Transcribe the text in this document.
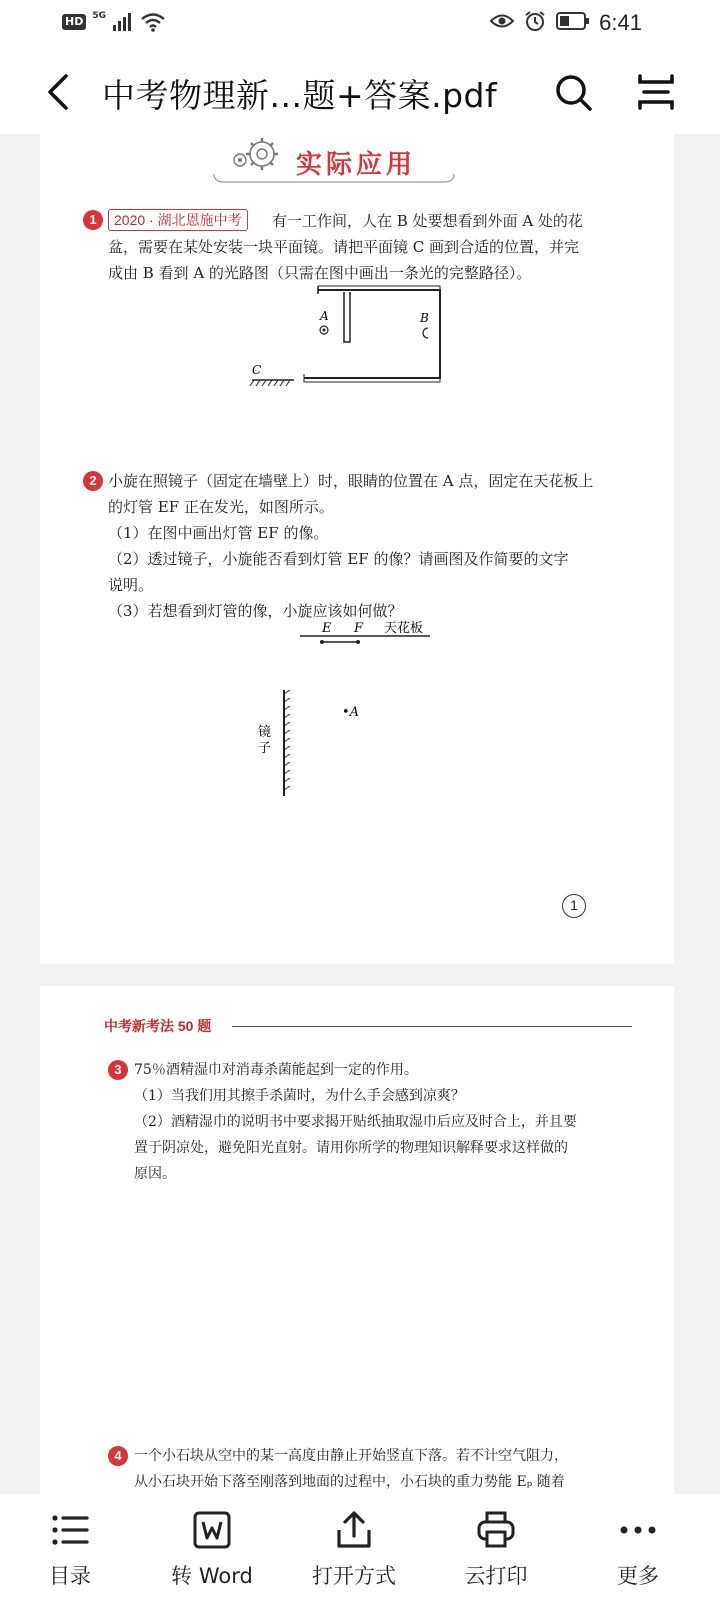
HD	5G	6:41
中考物理新...题+答案.pdf
实际应用
1	2020 · 湖北恩施中考	有一工作间，人在 B 处要想看到外面 A 处的花
盆，需要在某处安装一块平面镜。请把平面镜 C 画到合适的位置，并完
成由 B 看到 A 的光路图（只需在图中画出一条光的完整路径）。
A	B
C
2 小旋在照镜子（固定在墙壁上）时，眼睛的位置在 A 点，固定在天花板上
的灯管 EF 正在发光，如图所示。
（1）在图中画出灯管 EF 的像。
（2）透过镜子，小旋能否看到灯管 EF 的像？请画图及作简要的文字
说明。
（3）若想看到灯管的像，小旋应该如何做？
E F 天花板
镜
子
•A
1
中考新考法 50 题
3 75％酒精湿巾对消毒杀菌能起到一定的作用。
（1）当我们用其擦手杀菌时，为什么手会感到凉爽？
（2）酒精湿巾的说明书中要求揭开贴纸抽取湿巾后应及时合上，并且要
置于阴凉处，避免阳光直射。请用你所学的物理知识解释要求这样做的
原因。
4 一个小石块从空中的某一高度由静止开始竖直下落。若不计空气阻力，
从小石块开始下落至刚落到地面的过程中，小石块的重力势能 Eₚ 随着
目录	转 Word	打开方式	云打印	更多
